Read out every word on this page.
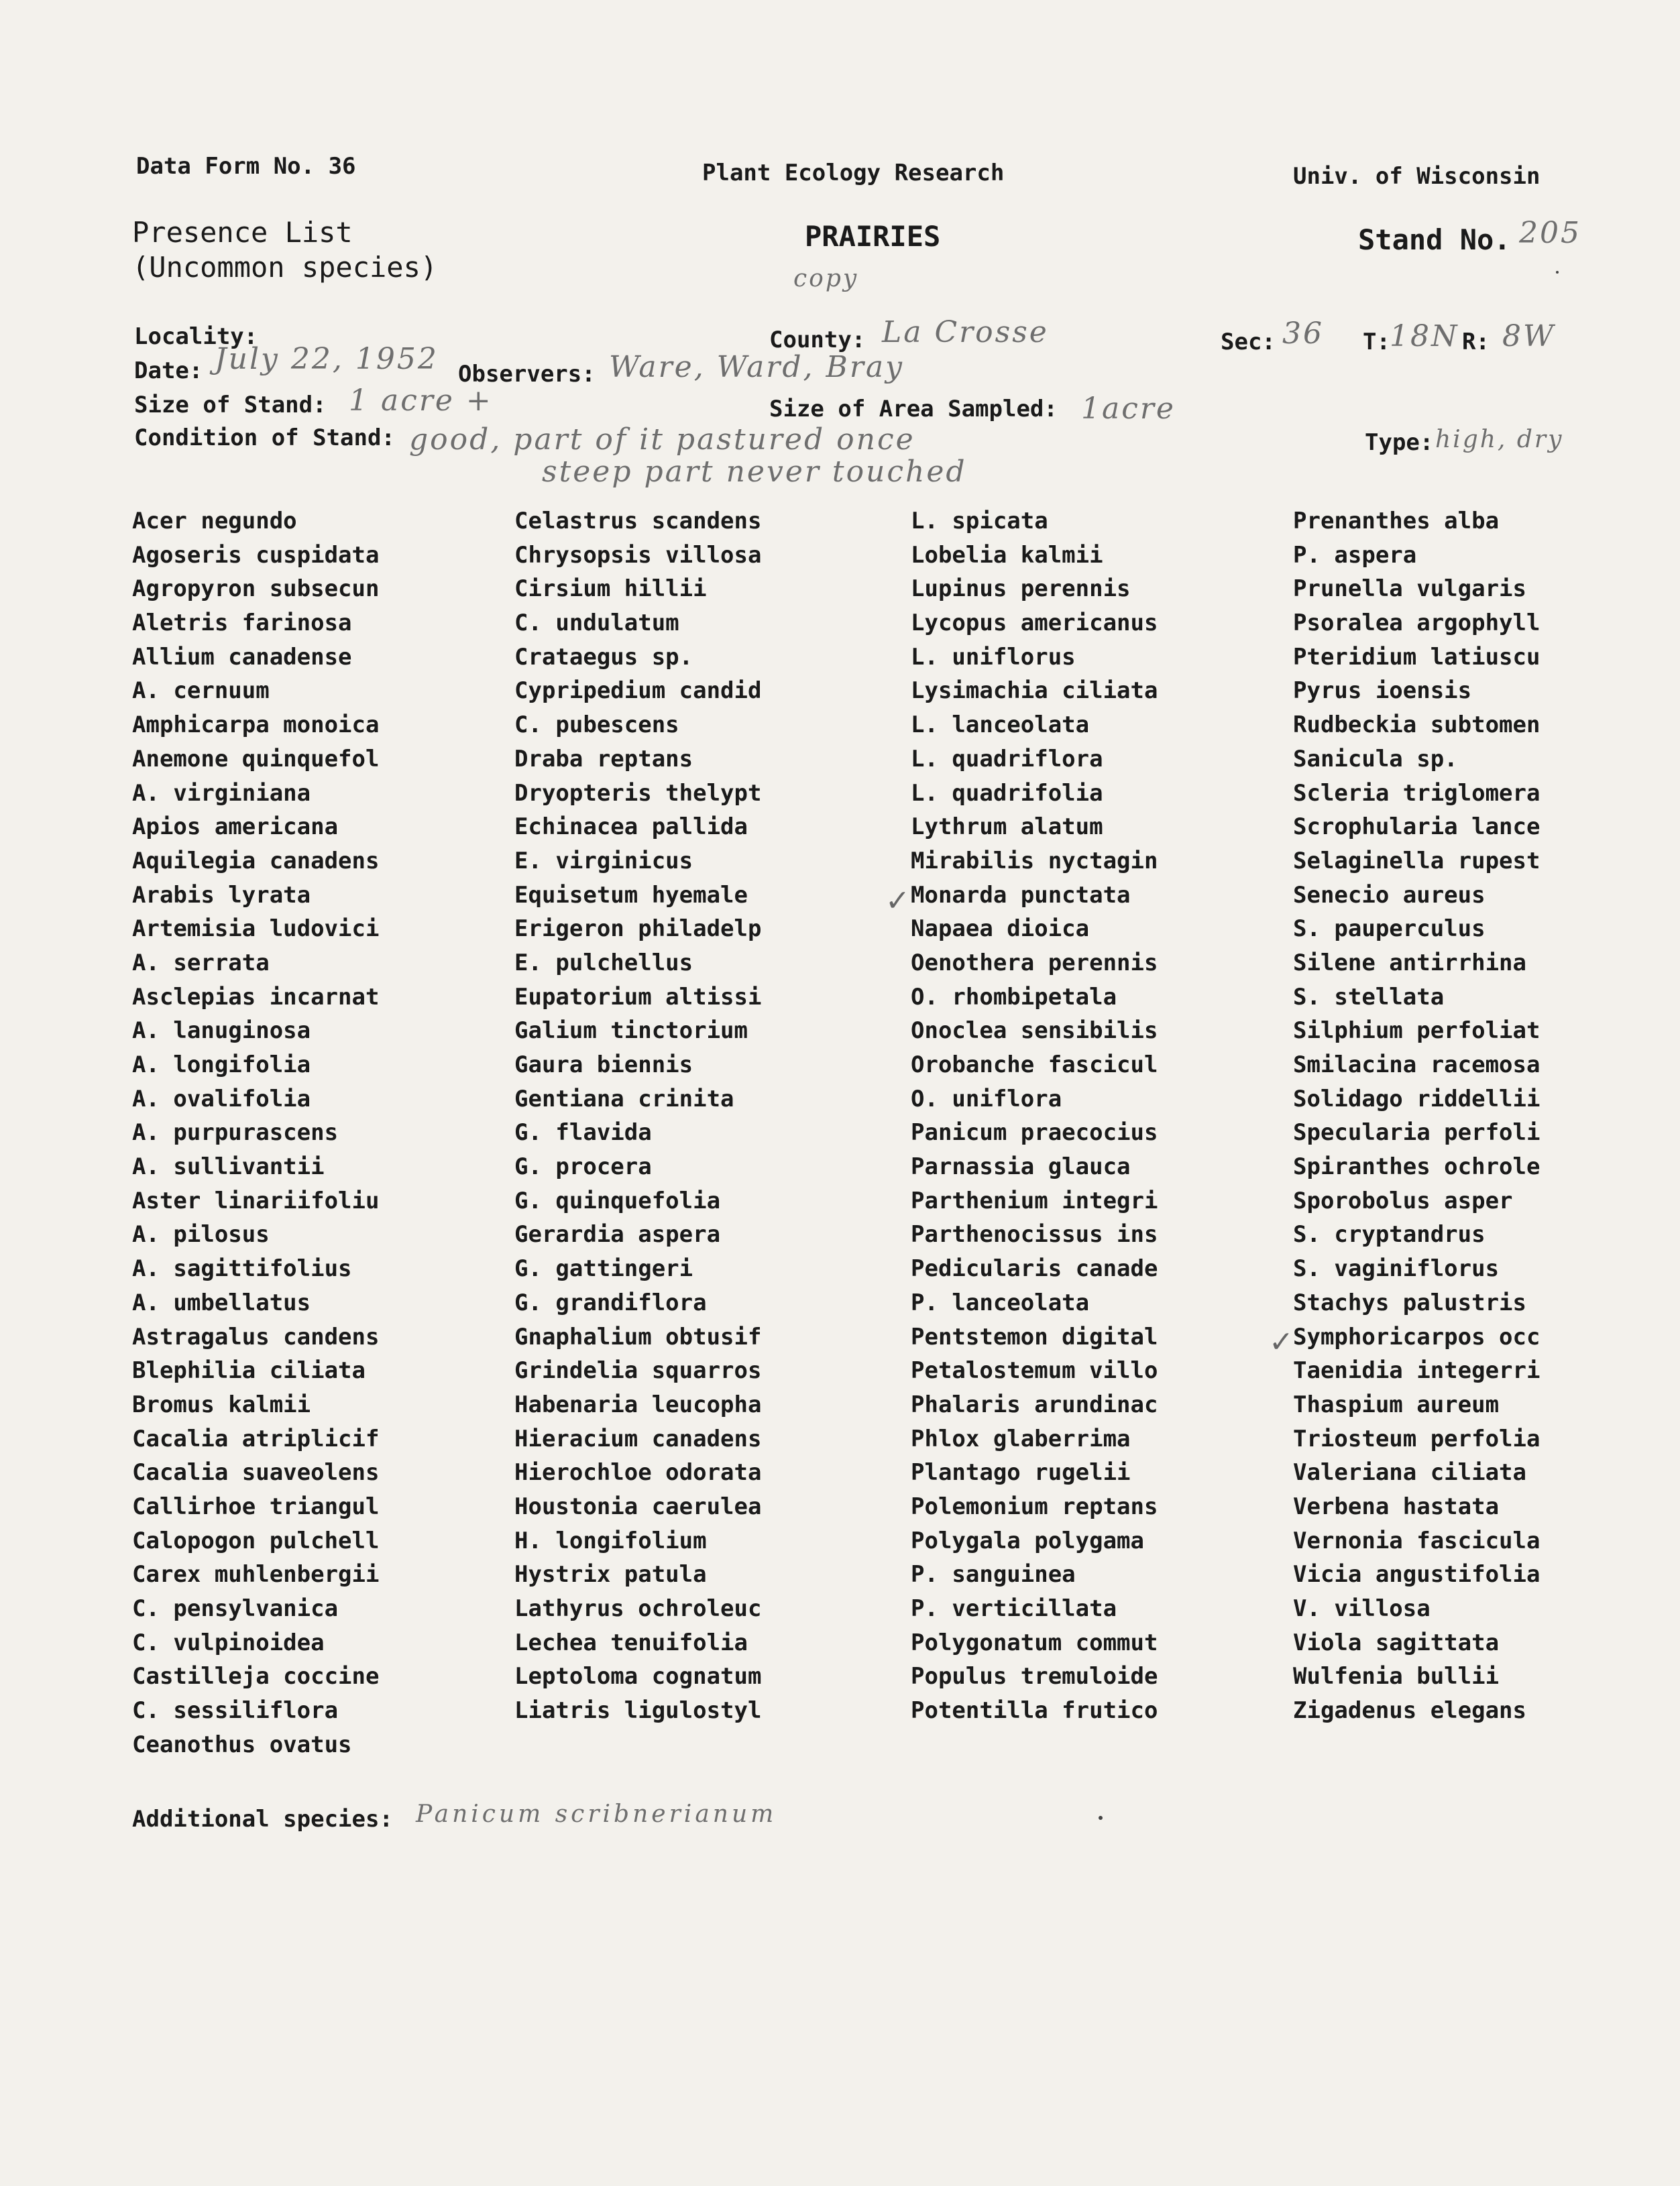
Data Form No. 36	Plant Ecology Research	Univ. of Wisconsin
Presence List
(Uncommon species)
PRAIRIES	Stand No. 205
copy
Locality:	County: La Crosse	Sec: 36 T: 18N R: 8W
Date: July 22, 1952 Observers: Ware, Ward, Bray
Size of Stand: 1 acre +	Size of Area Sampled: 1acre
Condition of Stand: good, part of it pastured once
steep part never touched
Type: high, dry
Acer negundo
Agoseris cuspidata
Agropyron subsecun
Aletris farinosa
Allium canadense
A. cernuum
Amphicarpa monoica
Anemone quinquefol
A. virginiana
Apios americana
Aquilegia canadens
Arabis lyrata
Artemisia ludovici
A. serrata
Asclepias incarnat
A. lanuginosa
A. longifolia
A. ovalifolia
A. purpurascens
A. sullivantii
Aster linariifoliu
A. pilosus
A. sagittifolius
A. umbellatus
Astragalus candens
Blephilia ciliata
Bromus kalmii
Cacalia atriplicif
Cacalia suaveolens
Callirhoe triangul
Calopogon pulchell
Carex muhlenbergii
C. pensylvanica
C. vulpinoidea
Castilleja coccine
C. sessiliflora
Ceanothus ovatus
Celastrus scandens
Chrysopsis villosa
Cirsium hillii
C. undulatum
Crataegus sp.
Cypripedium candid
C. pubescens
Draba reptans
Dryopteris thelypt
Echinacea pallida
E. virginicus
Equisetum hyemale
Erigeron philadelp
E. pulchellus
Eupatorium altissi
Galium tinctorium
Gaura biennis
Gentiana crinita
G. flavida
G. procera
G. quinquefolia
Gerardia aspera
G. gattingeri
G. grandiflora
Gnaphalium obtusif
Grindelia squarros
Habenaria leucopha
Hieracium canadens
Hierochloe odorata
Houstonia caerulea
H. longifolium
Hystrix patula
Lathyrus ochroleuc
Lechea tenuifolia
Leptoloma cognatum
Liatris ligulostyl
L. spicata
Lobelia kalmii
Lupinus perennis
Lycopus americanus
L. uniflorus
Lysimachia ciliata
L. lanceolata
L. quadriflora
L. quadrifolia
Lythrum alatum
Mirabilis nyctagin
Monarda punctata
Napaea dioica
Oenothera perennis
O. rhombipetala
Onoclea sensibilis
Orobanche fascicul
O. uniflora
Panicum praecocius
Parnassia glauca
Parthenium integri
Parthenocissus ins
Pedicularis canade
P. lanceolata
Pentstemon digital
Petalostemum villo
Phalaris arundinac
Phlox glaberrima
Plantago rugelii
Polemonium reptans
Polygala polygama
P. sanguinea
P. verticillata
Polygonatum commut
Populus tremuloide
Potentilla frutico
Prenanthes alba
P. aspera
Prunella vulgaris
Psoralea argophyll
Pteridium latiuscu
Pyrus ioensis
Rudbeckia subtomen
Sanicula sp.
Scleria triglomera
Scrophularia lance
Selaginella rupest
Senecio aureus
S. pauperculus
Silene antirrhina
S. stellata
Silphium perfoliat
Smilacina racemosa
Solidago riddellii
Specularia perfoli
Spiranthes ochrole
Sporobolus asper
S. cryptandrus
S. vaginiflorus
Stachys palustris
Symphoricarpos occ
Taenidia integerri
Thaspium aureum
Triosteum perfolia
Valeriana ciliata
Verbena hastata
Vernonia fascicula
Vicia angustifolia
V. villosa
Viola sagittata
Wulfenia bullii
Zigadenus elegans
✓
✓
Additional species: Panicum scribnerianum
